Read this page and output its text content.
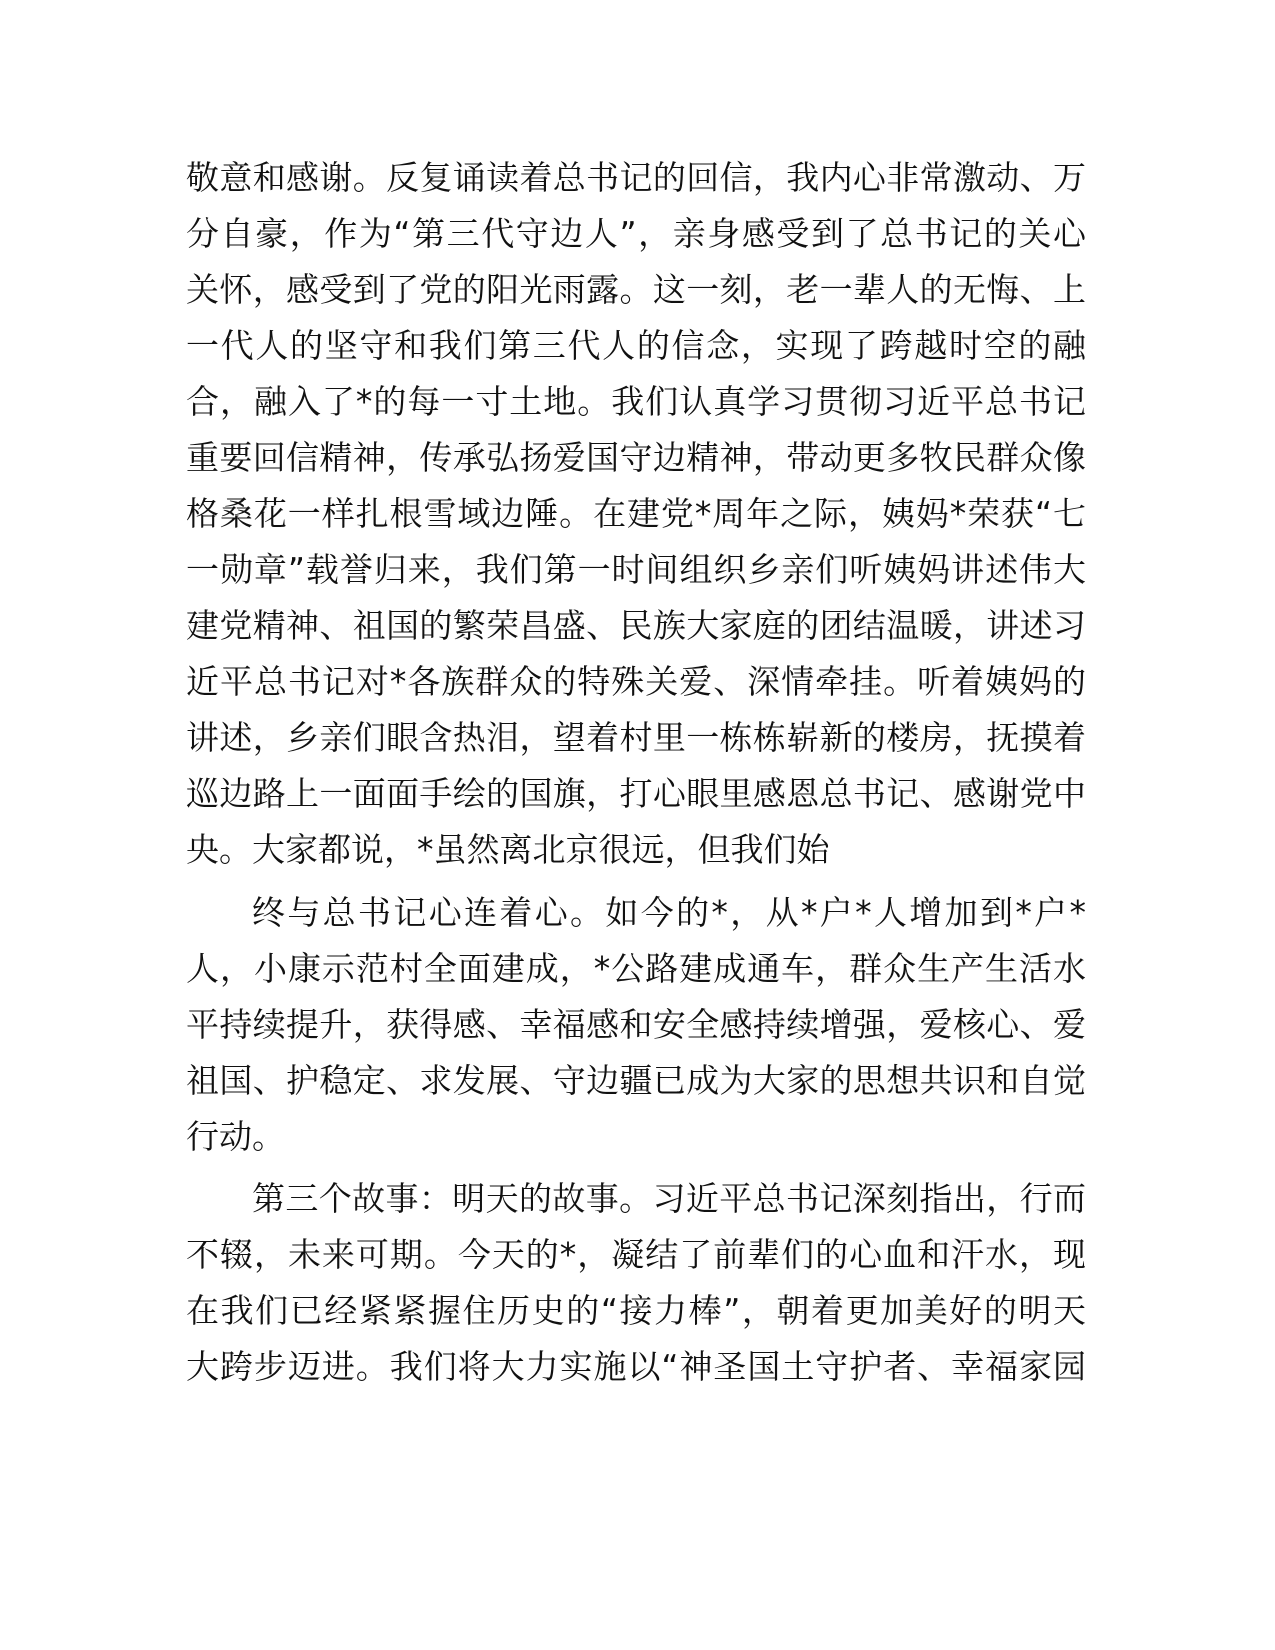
敬意和感谢。反复诵读着总书记的回信，我内心非常激动、万
分自豪，作为“第三代守边人”，亲身感受到了总书记的关心
关怀，感受到了党的阳光雨露。这一刻，老一辈人的无悔、上
一代人的坚守和我们第三代人的信念，实现了跨越时空的融
合，融入了*的每一寸土地。我们认真学习贯彻习近平总书记
重要回信精神，传承弘扬爱国守边精神，带动更多牧民群众像
格桑花一样扎根雪域边陲。在建党*周年之际，姨妈*荣获“七
一勋章”载誉归来，我们第一时间组织乡亲们听姨妈讲述伟大
建党精神、祖国的繁荣昌盛、民族大家庭的团结温暖，讲述习
近平总书记对*各族群众的特殊关爱、深情牵挂。听着姨妈的
讲述，乡亲们眼含热泪，望着村里一栋栋崭新的楼房，抚摸着
巡边路上一面面手绘的国旗，打心眼里感恩总书记、感谢党中
央。大家都说，*虽然离北京很远，但我们始
终与总书记心连着心。如今的*，从*户*人增加到*户*
人，小康示范村全面建成，*公路建成通车，群众生产生活水
平持续提升，获得感、幸福感和安全感持续增强，爱核心、爱
祖国、护稳定、求发展、守边疆已成为大家的思想共识和自觉
行动。
第三个故事：明天的故事。习近平总书记深刻指出，行而
不辍，未来可期。今天的*，凝结了前辈们的心血和汗水，现
在我们已经紧紧握住历史的“接力棒”，朝着更加美好的明天
大跨步迈进。我们将大力实施以“神圣国土守护者、幸福家园
